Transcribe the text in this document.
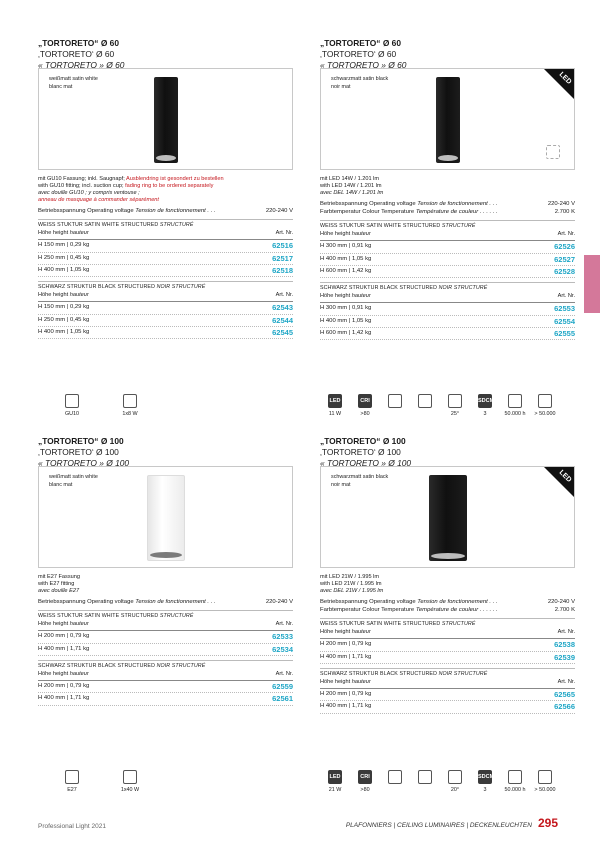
„TORTORETO“ Ø 60
‚TORTORETO‘ Ø 60
« TORTORETO » Ø 60
weißmatt satin white
blanc mat
mit GU10 Fassung; inkl. Saugnapf; Ausblendring ist gesondert zu bestellen
with GU10 fitting; incl. suction cup; fading ring to be ordered separately
avec douille GU10 ; y compris ventouse ;
anneau de masquage à commander séparément

Betriebsspannung Operating voltage Tension de fonctionnement . . .	220-240 V
WEISS STUKTUR SATIN WHITE STRUCTURED STRUCTURÉ
Höhe height hauteur	Art. Nr.
H 150 mm | 0,29 kg	62516
H 250 mm | 0,45 kg	62517
H 400 mm | 1,05 kg	62518
SCHWARZ STRUKTUR BLACK STRUCTURED NOIR STRUCTURÉ
Höhe height hauteur	Art. Nr.
H 150 mm | 0,29 kg	62543
H 250 mm | 0,45 kg	62544
H 400 mm | 1,05 kg	62545
GU10	1x8 W
„TORTORETO“ Ø 60
‚TORTORETO‘ Ø 60
« TORTORETO » Ø 60
schwarzmatt satin black
noir mat
LED
mit LED 14W / 1.201 lm
with LED 14W / 1.201 lm
avec DEL 14W / 1.201 lm

Betriebsspannung Operating voltage Tension de fonctionnement . . .	220-240 V
Farbtemperatur Colour Temperature Température de couleur . . . . . .	2.700 K
WEISS STUKTUR SATIN WHITE STRUCTURED STRUCTURÉ
Höhe height hauteur	Art. Nr.
H 300 mm | 0,91 kg	62526
H 400 mm | 1,05 kg	62527
H 600 mm | 1,42 kg	62528
SCHWARZ STRUKTUR BLACK STRUCTURED NOIR STRUCTURÉ
Höhe height hauteur	Art. Nr.
H 300 mm | 0,91 kg	62553
H 400 mm | 1,05 kg	62554
H 600 mm | 1,42 kg	62555
LED
11 W
CRI
>80	25°
SDCM
3	50.000 h	> 50.000
„TORTORETO“ Ø 100
‚TORTORETO‘ Ø 100
« TORTORETO » Ø 100
weißmatt satin white
blanc mat
mit E27 Fassung
with E27 fitting
avec douille E27

Betriebsspannung Operating voltage Tension de fonctionnement . . .	220-240 V
WEISS STUKTUR SATIN WHITE STRUCTURED STRUCTURÉ
Höhe height hauteur	Art. Nr.
H 200 mm | 0,79 kg	62533
H 400 mm | 1,71 kg	62534
SCHWARZ STRUKTUR BLACK STRUCTURED NOIR STRUCTURÉ
Höhe height hauteur	Art. Nr.
H 200 mm | 0,79 kg	62559
H 400 mm | 1,71 kg	62561
E27	1x40 W
„TORTORETO“ Ø 100
‚TORTORETO‘ Ø 100
« TORTORETO » Ø 100
schwarzmatt satin black
noir mat
LED
mit LED 21W / 1.995 lm
with LED 21W / 1.995 lm
avec DEL 21W / 1.995 lm

Betriebsspannung Operating voltage Tension de fonctionnement . . .	220-240 V
Farbtemperatur Colour Temperature Température de couleur . . . . . .	2.700 K
WEISS STUKTUR SATIN WHITE STRUCTURED STRUCTURÉ
Höhe height hauteur	Art. Nr.
H 200 mm | 0,79 kg	62538
H 400 mm | 1,71 kg	62539
SCHWARZ STRUKTUR BLACK STRUCTURED NOIR STRUCTURÉ
Höhe height hauteur	Art. Nr.
H 200 mm | 0,79 kg	62565
H 400 mm | 1,71 kg	62566
LED
21 W
CRI
>80	20°
SDCM
3	50.000 h	> 50.000
Professional Light 2021	PLAFONNIERS | CEILING LUMINAIRES | DECKENLEUCHTEN 295
